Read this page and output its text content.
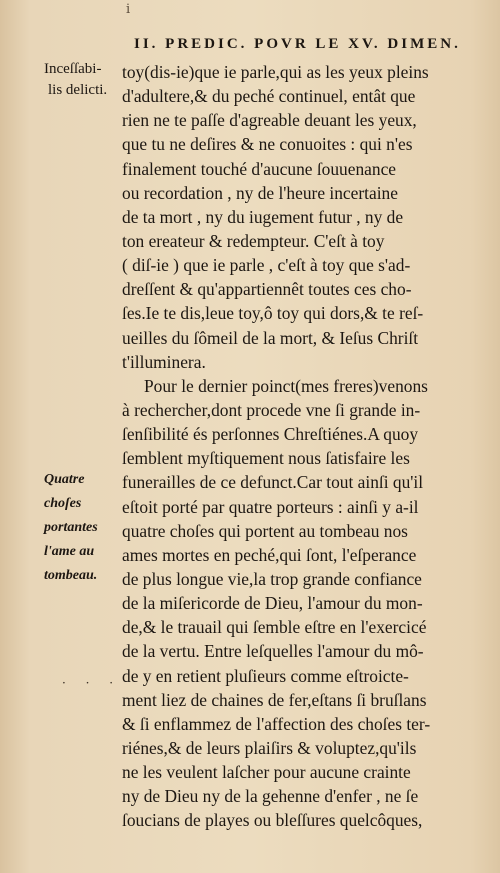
i
II. PREDIC. POVR LE XV. DIMEN.
Inceſſabi-
lis delicti.
Quatre
choſes
portantes
l'ame au
tombeau.
· · ·
toy(dis-ie)que ie parle,qui as les yeux pleins
d'adultere,& du peché continuel, entât que
rien ne te paſſe d'agreable deuant les yeux,
que tu ne deſires & ne conuoites : qui n'es
finalement touché d'aucune ſouuenance
ou recordation , ny de l'heure incertaine
de ta mort , ny du iugement futur , ny de
ton ereateur & redempteur. C'eſt à toy
( diſ-ie ) que ie parle , c'eſt à toy que s'ad-
dreſſent & qu'appartiennêt toutes ces cho-
ſes.Ie te dis,leue toy,ô toy qui dors,& te reſ-
ueilles du ſômeil de la mort, & Ieſus Chriſt
t'illuminera.
Pour le dernier poinct(mes freres)venons
à rechercher,dont procede vne ſi grande in-
ſenſibilité és perſonnes Chreſtiénes.A quoy
ſemblent myſtiquement nous ſatisfaire les
funerailles de ce defunct.Car tout ainſi qu'il
eſtoit porté par quatre porteurs : ainſi y a-il
quatre choſes qui portent au tombeau nos
ames mortes en peché,qui ſont, l'eſperance
de plus longue vie,la trop grande confiance
de la miſericorde de Dieu, l'amour du mon-
de,& le trauail qui ſemble eſtre en l'exercicé
de la vertu. Entre leſquelles l'amour du mô-
de y en retient pluſieurs comme eſtroicte-
ment liez de chaines de fer,eſtans ſi bruſlans
& ſi enflammez de l'affection des choſes ter-
riénes,& de leurs plaiſirs & voluptez,qu'ils
ne les veulent laſcher pour aucune crainte
ny de Dieu ny de la gehenne d'enfer , ne ſe
ſoucians de playes ou bleſſures quelcôques,
